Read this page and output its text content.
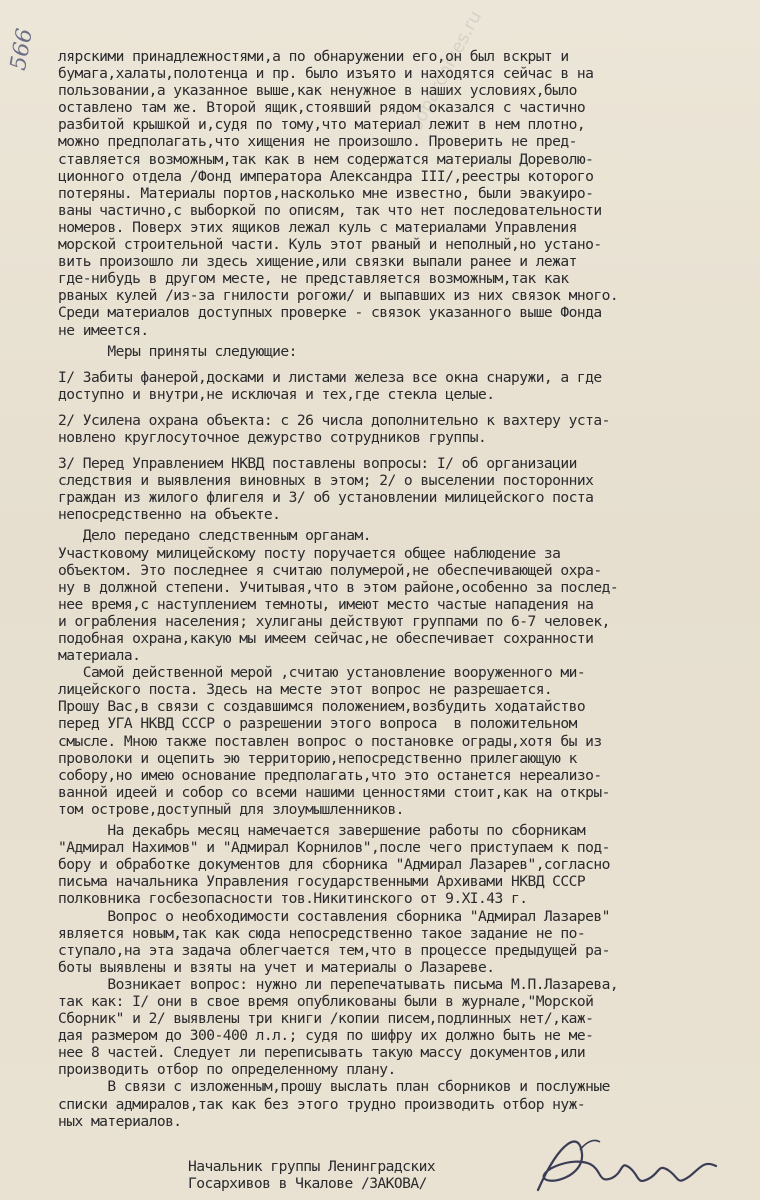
566	soparchives.ru
лярскими принадлежностями,а по обнаружении его,он был вскрыт и
бумага,халаты,полотенца и пр. было изъято и находятся сейчас в на
пользовании,а указанное выше,как ненужное в наших условиях,было
оставлено там же. Второй ящик,стоявший рядом оказался с частично
разбитой крышкой и,судя по тому,что материал лежит в нем плотно,
можно предполагать,что хищения не произошло. Проверить не пред-
ставляется возможным,так как в нем содержатся материалы Дореволю-
ционного отдела /Фонд императора Александра III/,реестры которого
потеряны. Материалы портов,насколько мне известно, были эвакуиро-
ваны частично,с выборкой по описям, так что нет последовательности
номеров. Поверх этих ящиков лежал куль с материалами Управления
морской строительной части. Куль этот рваный и неполный,но устано-
вить произошло ли здесь хищение,или связки выпали ранее и лежат
где-нибудь в другом месте, не представляется возможным,так как
рваных кулей /из-за гнилости рогожи/ и выпавших из них связок много.
Среди материалов доступных проверке - связок указанного выше Фонда
не имеется.
Меры приняты следующие:
I/ Забиты фанерой,досками и листами железа все окна снаружи, а где
доступно и внутри,не исключая и тех,где стекла целые.
2/ Усилена охрана объекта: с 26 числа дополнительно к вахтеру уста-
новлено круглосуточное дежурство сотрудников группы.
3/ Перед Управлением НКВД поставлены вопросы: I/ об организации
следствия и выявления виновных в этом; 2/ о выселении посторонних
граждан из жилого флигеля и 3/ об установлении милицейского поста
непосредственно на объекте.
Дело передано следственным органам.
Участковому милицейскому посту поручается общее наблюдение за
объектом. Это последнее я считаю полумерой,не обеспечивающей охра-
ну в должной степени. Учитывая,что в этом районе,особенно за послед-
нее время,с наступлением темноты, имеют место частые нападения на
и ограбления населения; хулиганы действуют группами по 6-7 человек,
подобная охрана,какую мы имеем сейчас,не обеспечивает сохранности
материала.
Самой действенной мерой ,считаю установление вооруженного ми-
лицейского поста. Здесь на месте этот вопрос не разрешается.
Прошу Вас,в связи с создавшимся положением,возбудить ходатайство
перед УГА НКВД СССР о разрешении этого вопроса  в положительном
смысле. Мною также поставлен вопрос о постановке ограды,хотя бы из
проволоки и оцепить эю территорию,непосредственно прилегающую к
собору,но имею основание предполагать,что это останется нереализо-
ванной идеей и собор со всеми нашими ценностями стоит,как на откры-
том острове,доступный для злоумышленников.
На декабрь месяц намечается завершение работы по сборникам
"Адмирал Нахимов" и "Адмирал Корнилов",после чего приступаем к под-
бору и обработке документов для сборника "Адмирал Лазарев",согласно
письма начальника Управления государственными Архивами НКВД СССР
полковника госбезопасности тов.Никитинского от 9.XI.43 г.
Вопрос о необходимости составления сборника "Адмирал Лазарев"
является новым,так как сюда непосредственно такое задание не по-
ступало,на эта задача облегчается тем,что в процессе предыдущей ра-
боты выявлены и взяты на учет и материалы о Лазареве.
Возникает вопрос: нужно ли перепечатывать письма М.П.Лазарева,
так как: I/ они в свое время опубликованы были в журнале,"Морской
Сборник" и 2/ выявлены три книги /копии писем,подлинных нет/,каж-
дая размером до 300-400 л.л.; судя по шифру их должно быть не ме-
нее 8 частей. Следует ли переписывать такую массу документов,или
производить отбор по определенному плану.
В связи с изложенным,прошу выслать план сборников и послужные
списки адмиралов,так как без этого трудно производить отбор нуж-
ных материалов.
Начальник группы Ленинградских
Госархивов в Чкалове /ЗАКОВА/
